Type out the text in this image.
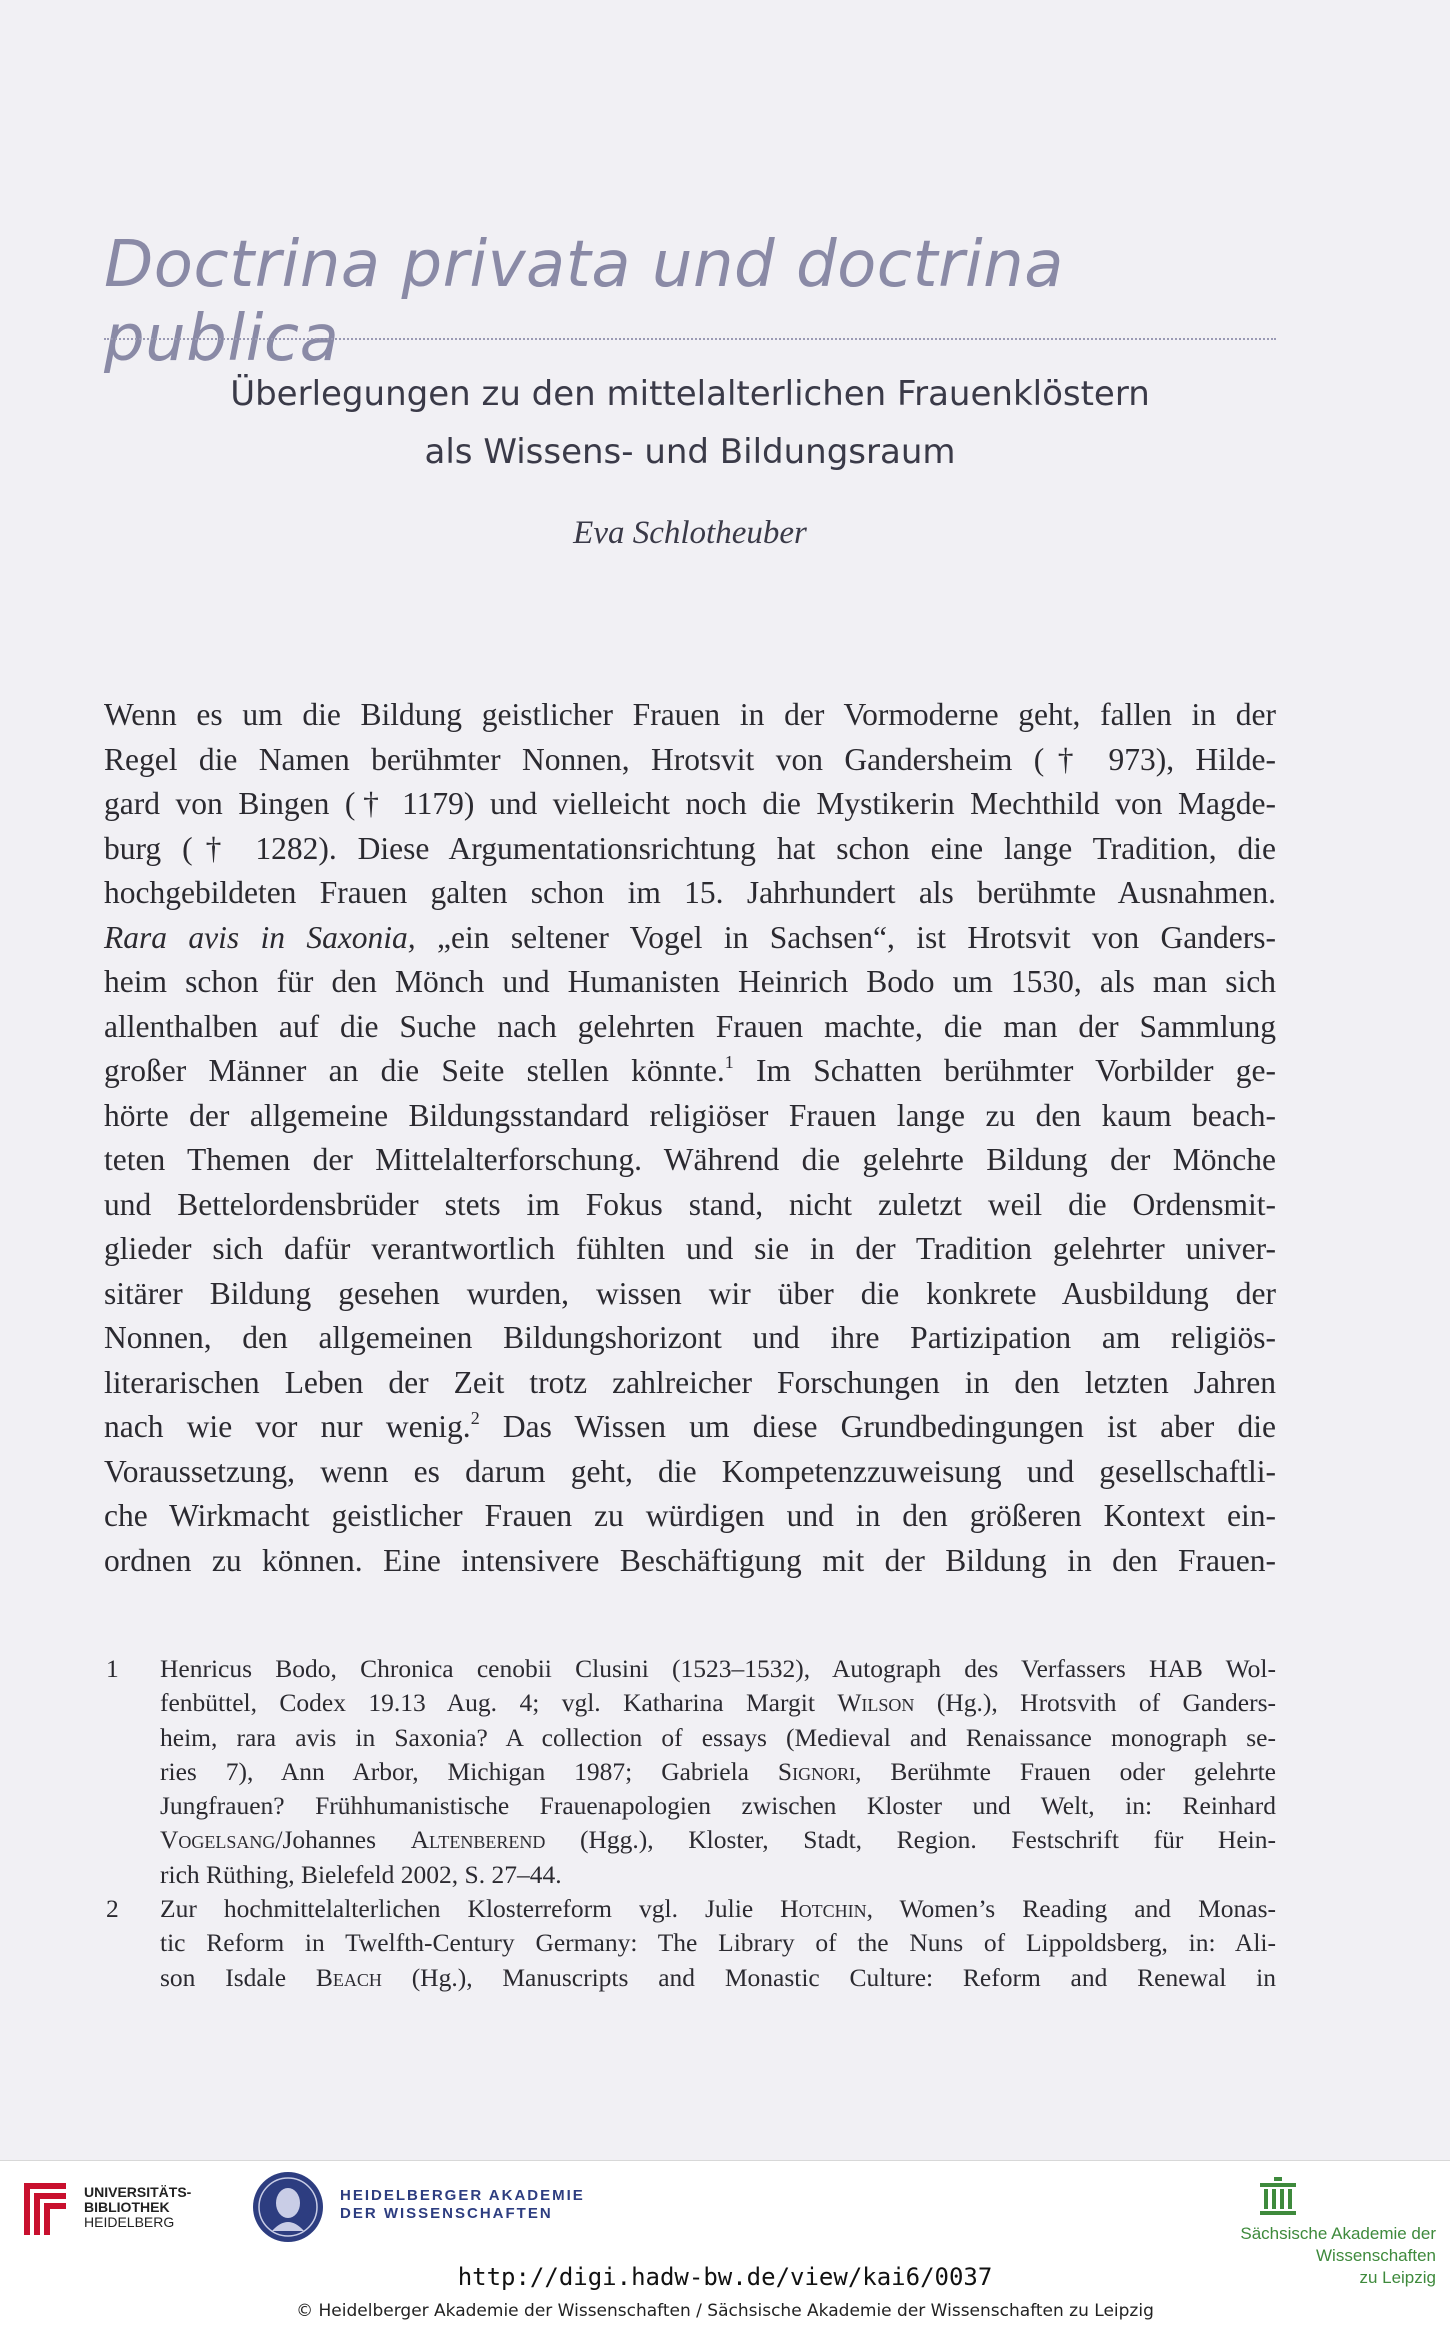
Doctrina privata und doctrina publica
Überlegungen zu den mittelalterlichen Frauenklöstern
als Wissens- und Bildungsraum
Eva Schlotheuber
Wenn es um die Bildung geistlicher Frauen in der Vormoderne geht, fallen in der
Regel die Namen berühmter Nonnen, Hrotsvit von Gandersheim († 973), Hilde-
gard von Bingen († 1179) und vielleicht noch die Mystikerin Mechthild von Magde-
burg († 1282). Diese Argumentationsrichtung hat schon eine lange Tradition, die
hochgebildeten Frauen galten schon im 15. Jahrhundert als berühmte Ausnahmen.
Rara avis in Saxonia, „ein seltener Vogel in Sachsen“, ist Hrotsvit von Ganders-
heim schon für den Mönch und Humanisten Heinrich Bodo um 1530, als man sich
allenthalben auf die Suche nach gelehrten Frauen machte, die man der Sammlung
großer Männer an die Seite stellen könnte.$^1$ Im Schatten berühmter Vorbilder ge-
hörte der allgemeine Bildungsstandard religiöser Frauen lange zu den kaum beach-
teten Themen der Mittelalterforschung. Während die gelehrte Bildung der Mönche
und Bettelordensbrüder stets im Fokus stand, nicht zuletzt weil die Ordensmit-
glieder sich dafür verantwortlich fühlten und sie in der Tradition gelehrter univer-
sitärer Bildung gesehen wurden, wissen wir über die konkrete Ausbildung der
Nonnen, den allgemeinen Bildungshorizont und ihre Partizipation am religiös-
literarischen Leben der Zeit trotz zahlreicher Forschungen in den letzten Jahren
nach wie vor nur wenig.$^2$ Das Wissen um diese Grundbedingungen ist aber die
Voraussetzung, wenn es darum geht, die Kompetenzzuweisung und gesellschaftli-
che Wirkmacht geistlicher Frauen zu würdigen und in den größeren Kontext ein-
ordnen zu können. Eine intensivere Beschäftigung mit der Bildung in den Frauen-
1 Henricus Bodo, Chronica cenobii Clusini (1523–1532), Autograph des Verfassers HAB Wol-
fenbüttel, Codex 19.13 Aug. 4; vgl. Katharina Margit Wilson (Hg.), Hrotsvith of Ganders-
heim, rara avis in Saxonia? A collection of essays (Medieval and Renaissance monograph se-
ries 7), Ann Arbor, Michigan 1987; Gabriela Signori, Berühmte Frauen oder gelehrte
Jungfrauen? Frühhumanistische Frauenapologien zwischen Kloster und Welt, in: Reinhard
Vogelsang/Johannes Altenberend (Hgg.), Kloster, Stadt, Region. Festschrift für Hein-
rich Rüthing, Bielefeld 2002, S. 27–44.
2 Zur hochmittelalterlichen Klosterreform vgl. Julie Hotchin, Women’s Reading and Monas-
tic Reform in Twelfth-Century Germany: The Library of the Nuns of Lippoldsberg, in: Ali-
son Isdale Beach (Hg.), Manuscripts and Monastic Culture: Reform and Renewal in
UNIVERSITÄTS-
BIBLIOTHEK
HEIDELBERG
HEIDELBERGER AKADEMIE
DER WISSENSCHAFTEN
Sächsische Akademie der Wissenschaften
zu Leipzig
http://digi.hadw-bw.de/view/kai6/0037
© Heidelberger Akademie der Wissenschaften / Sächsische Akademie der Wissenschaften zu Leipzig
